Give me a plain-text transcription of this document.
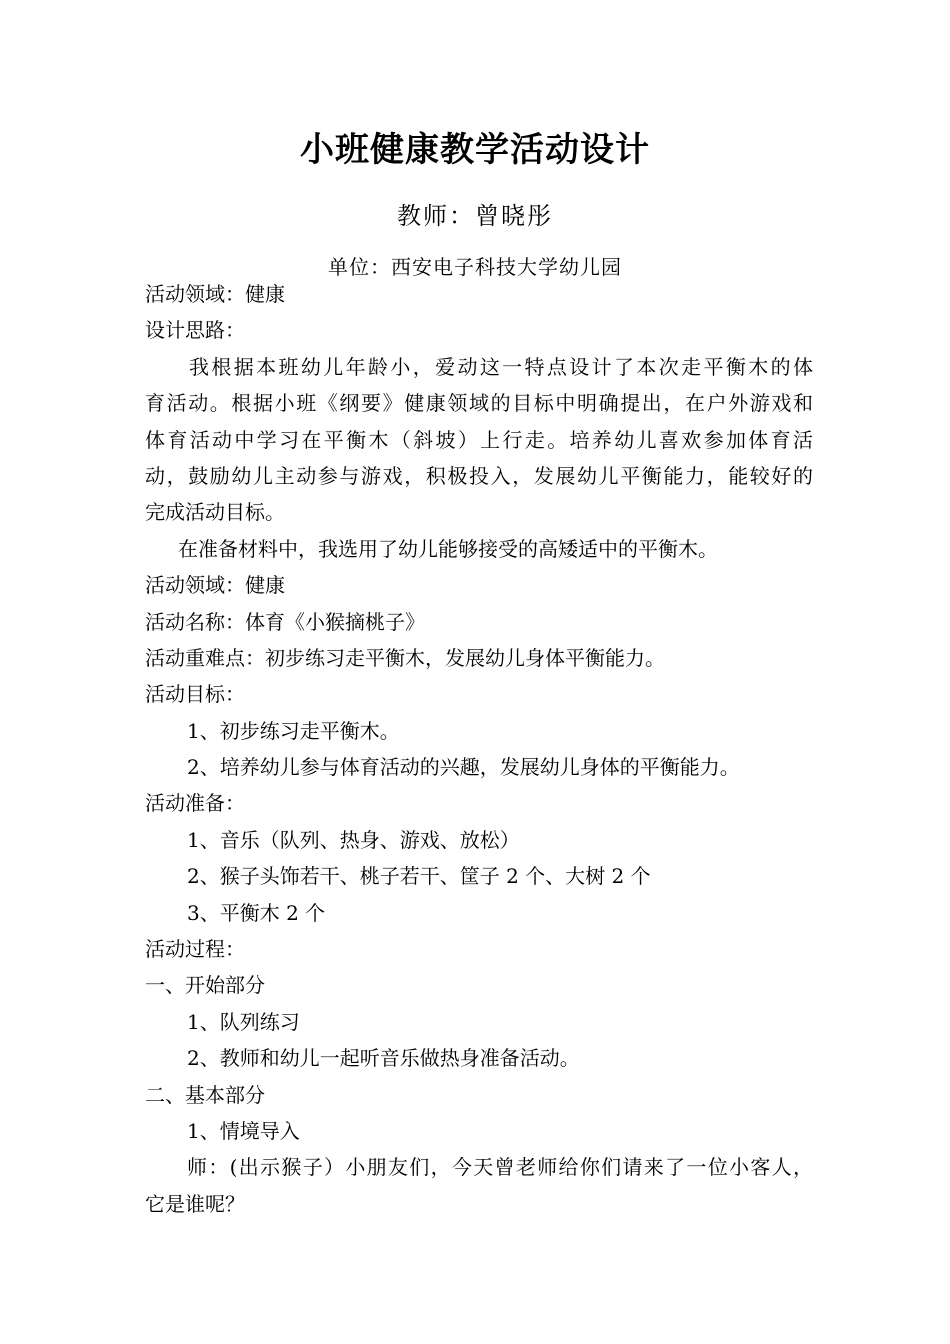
小班健康教学活动设计
教师：曾晓彤
单位：西安电子科技大学幼儿园
活动领域：健康
设计思路：
我根据本班幼儿年龄小，爱动这一特点设计了本次走平衡木的体
育活动。根据小班《纲要》健康领域的目标中明确提出，在户外游戏和
体育活动中学习在平衡木（斜坡）上行走。培养幼儿喜欢参加体育活
动，鼓励幼儿主动参与游戏，积极投入，发展幼儿平衡能力，能较好的
完成活动目标。
在准备材料中，我选用了幼儿能够接受的高矮适中的平衡木。
活动领域：健康
活动名称：体育《小猴摘桃子》
活动重难点：初步练习走平衡木，发展幼儿身体平衡能力。
活动目标：
1、初步练习走平衡木。
2、培养幼儿参与体育活动的兴趣，发展幼儿身体的平衡能力。
活动准备：
1、音乐（队列、热身、游戏、放松）
2、猴子头饰若干、桃子若干、筐子 2 个、大树 2 个
3、平衡木 2 个
活动过程：
一、开始部分
1、队列练习
2、教师和幼儿一起听音乐做热身准备活动。
二、基本部分
1、情境导入
师：(出示猴子）小朋友们，今天曾老师给你们请来了一位小客人，
它是谁呢？
